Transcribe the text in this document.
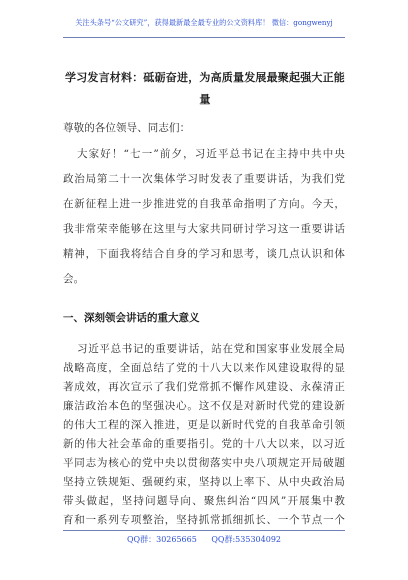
关注头条号“公文研究”，获得最新最全最专业的公文资料库！ 微信：gongwenyj
学习发言材料：砥砺奋进，为高质量发展最聚起强大正能
量
尊敬的各位领导、同志们：
大家好！“七一”前夕，习近平总书记在主持中共中央
政治局第二十一次集体学习时发表了重要讲话，为我们党
在新征程上进一步推进党的自我革命指明了方向。今天，
我非常荣幸能够在这里与大家共同研讨学习这一重要讲话
精神，下面我将结合自身的学习和思考，谈几点认识和体
会。
一、深刻领会讲话的重大意义
习近平总书记的重要讲话，站在党和国家事业发展全局
战略高度，全面总结了党的十八大以来作风建设取得的显
著成效，再次宣示了我们党常抓不懈作风建设、永葆清正
廉洁政治本色的坚强决心。这不仅是对新时代党的建设新
的伟大工程的深入推进，更是以新时代党的自我革命引领
新的伟大社会革命的重要指引。党的十八大以来，以习近
平同志为核心的党中央以贯彻落实中央八项规定开局破题
坚持立铁规矩、强硬约束，坚持以上率下、从中央政治局
带头做起，坚持问题导向、聚焦纠治“四风”开展集中教
育和一系列专项整治，坚持抓常抓细抓长、一个节点一个
QQ群：30265665 QQ群:535304092
